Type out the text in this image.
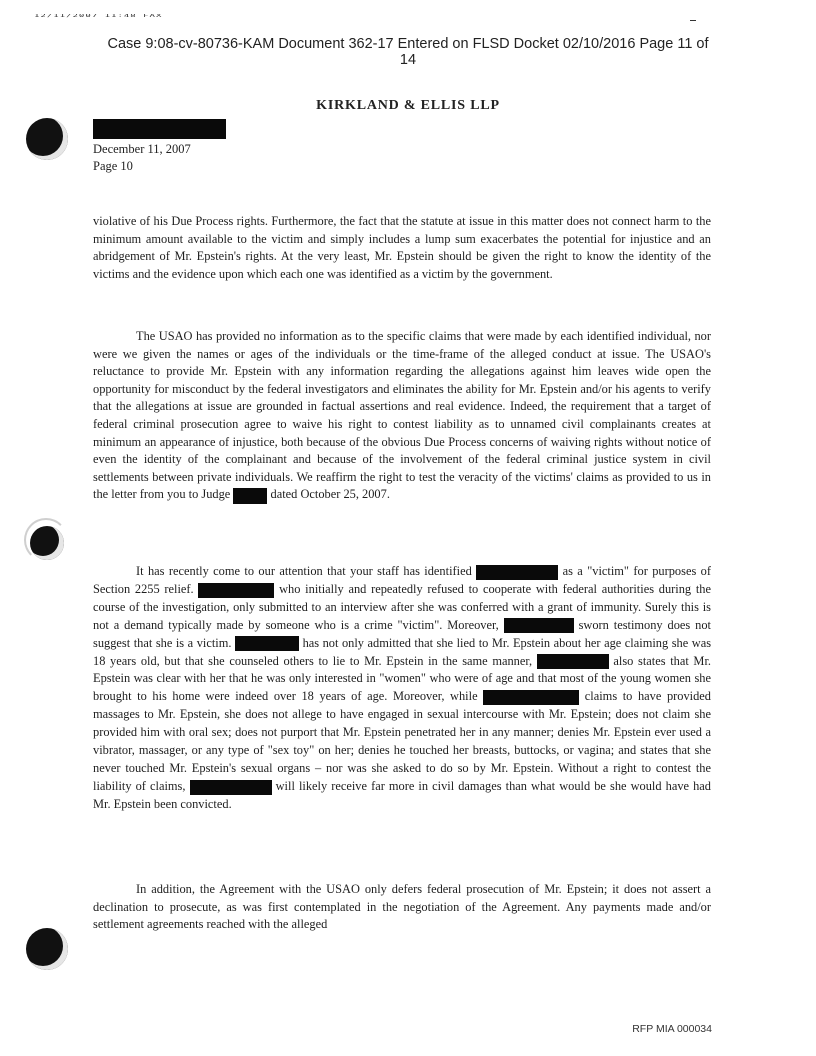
12/11/2007 11:48 FAX
Case 9:08-cv-80736-KAM Document 362-17 Entered on FLSD Docket 02/10/2016 Page 11 of
14
KIRKLAND & ELLIS LLP
December 11, 2007
Page 10
violative of his Due Process rights. Furthermore, the fact that the statute at issue in this matter does not connect harm to the minimum amount available to the victim and simply includes a lump sum exacerbates the potential for injustice and an abridgement of Mr. Epstein's rights. At the very least, Mr. Epstein should be given the right to know the identity of the victims and the evidence upon which each one was identified as a victim by the government.
The USAO has provided no information as to the specific claims that were made by each identified individual, nor were we given the names or ages of the individuals or the time-frame of the alleged conduct at issue. The USAO's reluctance to provide Mr. Epstein with any information regarding the allegations against him leaves wide open the opportunity for misconduct by the federal investigators and eliminates the ability for Mr. Epstein and/or his agents to verify that the allegations at issue are grounded in factual assertions and real evidence. Indeed, the requirement that a target of federal criminal prosecution agree to waive his right to contest liability as to unnamed civil complainants creates at minimum an appearance of injustice, both because of the obvious Due Process concerns of waiving rights without notice of even the identity of the complainant and because of the involvement of the federal criminal justice system in civil settlements between private individuals. We reaffirm the right to test the veracity of the victims' claims as provided to us in the letter from you to Judge	dated October 25, 2007.
It has recently come to our attention that your staff has identified	as a "victim" for purposes of Section 2255 relief.	who initially and repeatedly refused to cooperate with federal authorities during the course of the investigation, only submitted to an interview after she was conferred with a grant of immunity. Surely this is not a demand typically made by someone who is a crime "victim". Moreover,	sworn testimony does not suggest that she is a victim.	has not only admitted that she lied to Mr. Epstein about her age claiming she was 18 years old, but that she counseled others to lie to Mr. Epstein in the same manner,	also states that Mr. Epstein was clear with her that he was only interested in "women" who were of age and that most of the young women she brought to his home were indeed over 18 years of age. Moreover, while	claims to have provided massages to Mr. Epstein, she does not allege to have engaged in sexual intercourse with Mr. Epstein; does not claim she provided him with oral sex; does not purport that Mr. Epstein penetrated her in any manner; denies Mr. Epstein ever used a vibrator, massager, or any type of "sex toy" on her; denies he touched her breasts, buttocks, or vagina; and states that she never touched Mr. Epstein's sexual organs – nor was she asked to do so by Mr. Epstein. Without a right to contest the liability of claims,	will likely receive far more in civil damages than what would be she would have had Mr. Epstein been convicted.
In addition, the Agreement with the USAO only defers federal prosecution of Mr. Epstein; it does not assert a declination to prosecute, as was first contemplated in the negotiation of the Agreement. Any payments made and/or settlement agreements reached with the alleged
RFP MIA 000034
